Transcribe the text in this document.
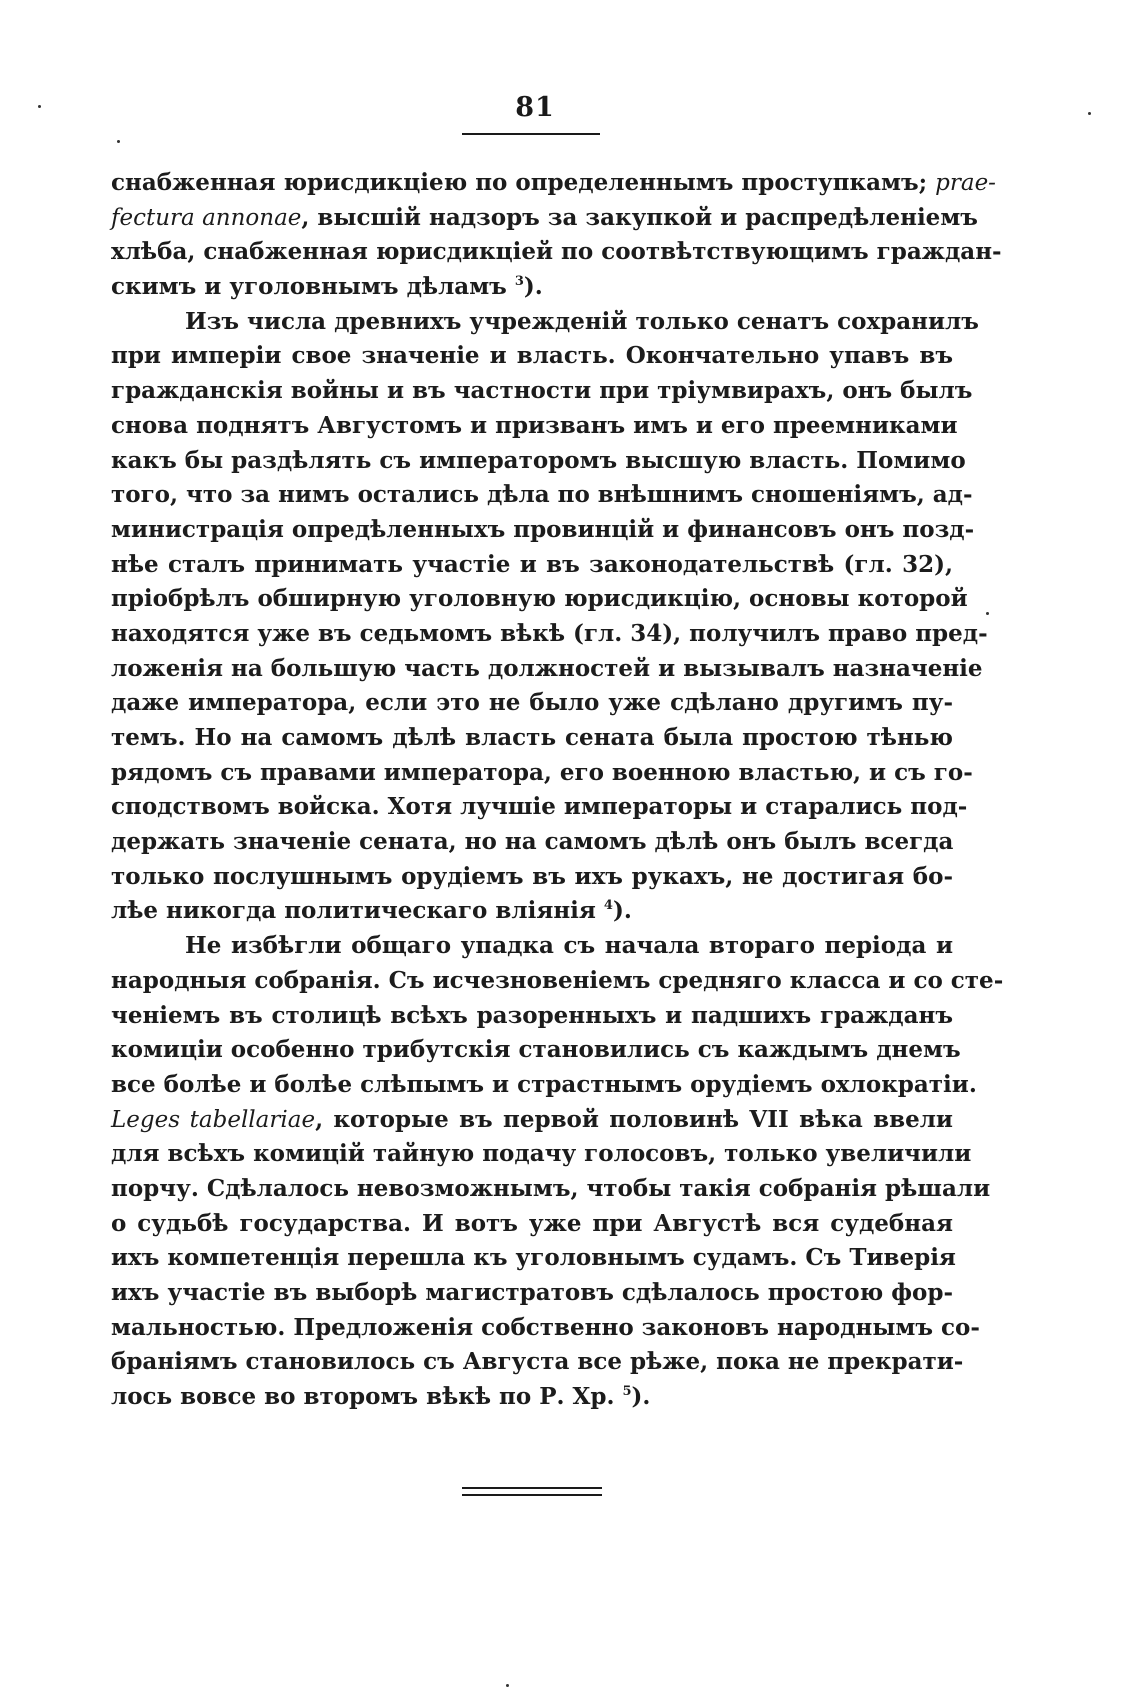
81
снабженная юрисдикціею по определеннымъ проступкамъ; prae-
fectura annonae, высшій надзоръ за закупкой и распредѣленіемъ
хлѣба, снабженная юрисдикціей по соотвѣтствующимъ граждан-
скимъ и уголовнымъ дѣламъ $^3$).
Изъ числа древнихъ учрежденій только сенатъ сохранилъ
при имперіи свое значеніе и власть. Окончательно упавъ въ
гражданскія войны и въ частности при тріумвирахъ, онъ былъ
снова поднятъ Августомъ и призванъ имъ и его преемниками
какъ бы раздѣлять съ императоромъ высшую власть. Помимо
того, что за нимъ остались дѣла по внѣшнимъ сношеніямъ, ад-
министрація опредѣленныхъ провинцій и финансовъ онъ позд-
нѣе сталъ принимать участіе и въ законодательствѣ (гл. 32),
пріобрѣлъ обширную уголовную юрисдикцію, основы которой
находятся уже въ седьмомъ вѣкѣ (гл. 34), получилъ право пред-
ложенія на большую часть должностей и вызывалъ назначеніе
даже императора, если это не было уже сдѣлано другимъ пу-
темъ. Но на самомъ дѣлѣ власть сената была простою тѣнью
рядомъ съ правами императора, его военною властью, и съ го-
сподствомъ войска. Хотя лучшіе императоры и старались под-
держать значеніе сената, но на самомъ дѣлѣ онъ былъ всегда
только послушнымъ орудіемъ въ ихъ рукахъ, не достигая бо-
лѣе никогда политическаго вліянія $^4$).
Не избѣгли общаго упадка съ начала втораго періода и
народныя собранія. Съ исчезновеніемъ средняго класса и со сте-
ченіемъ въ столицѣ всѣхъ разоренныхъ и падшихъ гражданъ
комиціи особенно трибутскія становились съ каждымъ днемъ
все болѣе и болѣе слѣпымъ и страстнымъ орудіемъ охлократіи.
Leges tabellariae, которые въ первой половинѣ VII вѣка ввели
для всѣхъ комицій тайную подачу голосовъ, только увеличили
порчу. Сдѣлалось невозможнымъ, чтобы такія собранія рѣшали
о судьбѣ государства. И вотъ уже при Августѣ вся судебная
ихъ компетенція перешла къ уголовнымъ судамъ. Съ Тиверія
ихъ участіе въ выборѣ магистратовъ сдѣлалось простою фор-
мальностью. Предложенія собственно законовъ народнымъ со-
браніямъ становилось съ Августа все рѣже, пока не прекрати-
лось вовсе во второмъ вѣкѣ по Р. Хр. $^5$).
